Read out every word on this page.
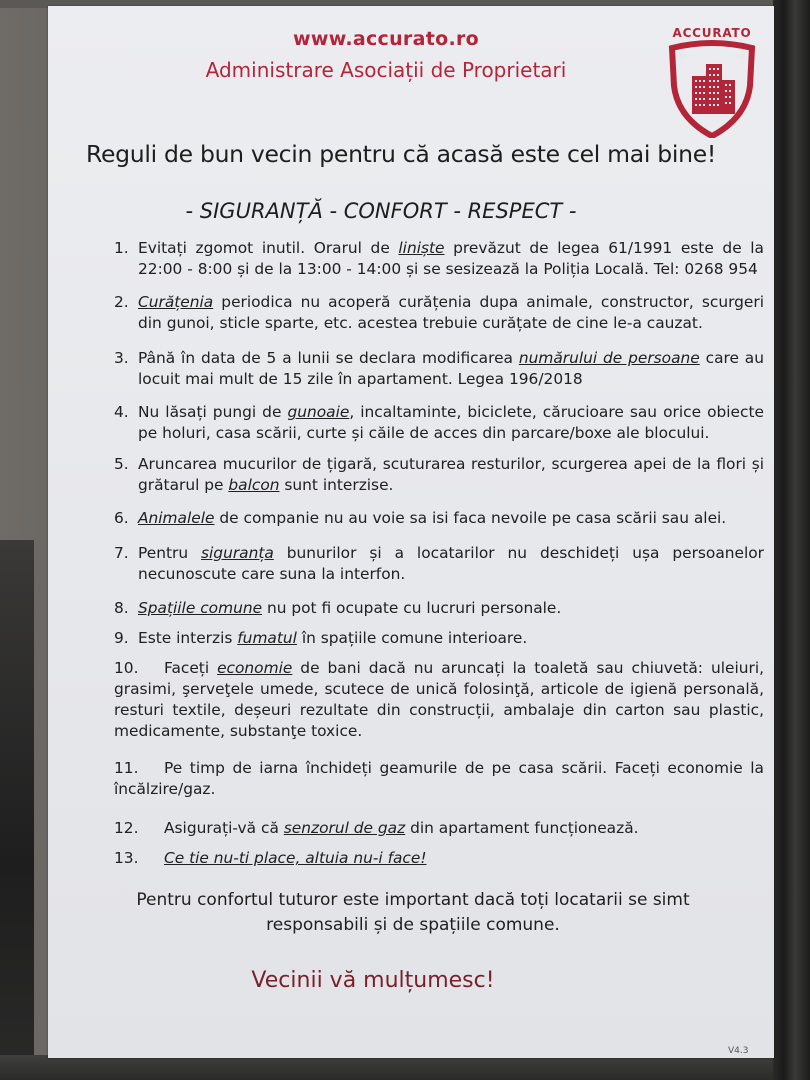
www.accurato.ro
Administrare Asociații de Proprietari
ACCURATO
Reguli de bun vecin pentru că acasă este cel mai bine!
- SIGURANȚĂ - CONFORT - RESPECT -
1. Evitați zgomot inutil. Orarul de liniște prevăzut de legea 61/1991 este de la 22:00 - 8:00 și de la 13:00 - 14:00 și se sesizează la Poliția Locală. Tel: 0268 954
2. Curățenia periodica nu acoperă curățenia dupa animale, constructor, scurgeri din gunoi, sticle sparte, etc. acestea trebuie curățate de cine le-a cauzat.
3. Până în data de 5 a lunii se declara modificarea numărului de persoane care au locuit mai mult de 15 zile în apartament. Legea 196/2018
4. Nu lăsați pungi de gunoaie, incaltaminte, biciclete, cărucioare sau orice obiecte pe holuri, casa scării, curte și căile de acces din parcare/boxe ale blocului.
5. Aruncarea mucurilor de țigară, scuturarea resturilor, scurgerea apei de la flori și grătarul pe balcon sunt interzise.
6. Animalele de companie nu au voie sa isi faca nevoile pe casa scării sau alei.
7. Pentru siguranța bunurilor și a locatarilor nu deschideți ușa persoanelor necunoscute care suna la interfon.
8. Spațiile comune nu pot fi ocupate cu lucruri personale.
9. Este interzis fumatul în spațiile comune interioare.
10.	Faceți economie de bani dacă nu aruncați la toaletă sau chiuvetă: uleiuri, grasimi, şerveţele umede, scutece de unică folosinţă, articole de igienă personală, resturi textile, deșeuri rezultate din construcții, ambalaje din carton sau plastic, medicamente, substanţe toxice.
11.	Pe timp de iarna închideți geamurile de pe casa scării. Faceți economie la încălzire/gaz.
12.	Asigurați-vă că senzorul de gaz din apartament funcționează.
13.	Ce tie nu-ti place, altuia nu-i face!
Pentru confortul tuturor este important dacă toți locatarii se simt responsabili și de spațiile comune.
Vecinii vă mulțumesc!
V4.3
